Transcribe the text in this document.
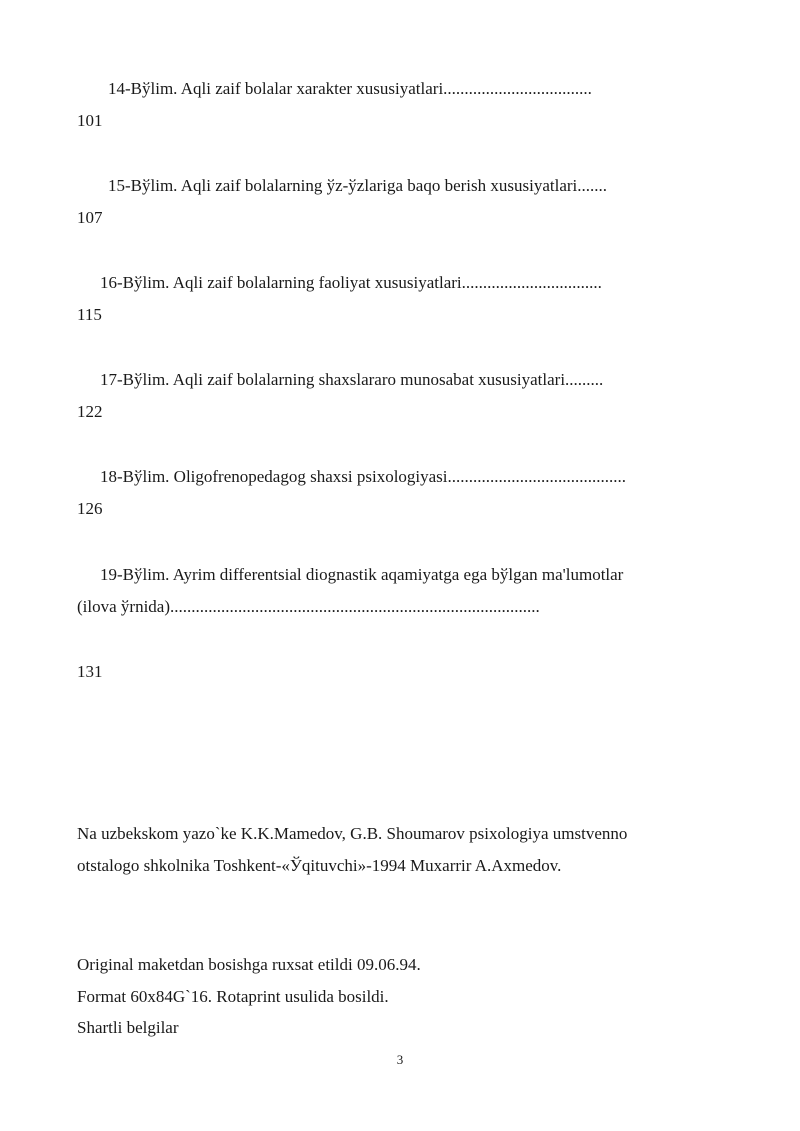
14-Bўlim. Aqli zaif bolalar xarakter xususiyatlari...................................
101
15-Bўlim. Aqli zaif bolalarning ўz-ўzlariga baqo berish xususiyatlari.......
107
16-Bўlim. Aqli zaif bolalarning faoliyat xususiyatlari.................................
115
17-Bўlim. Aqli zaif bolalarning shaxslararo munosabat xususiyatlari.........
122
18-Bўlim. Oligofrenopedagog shaxsi psixologiyasi..........................................
126
19-Bўlim. Ayrim differentsial diognastik aqamiyatga ega bўlgan ma'lumotlar
(ilova ўrnida).......................................................................................
131
Na uzbekskom yazo`ke K.K.Mamedov, G.B. Shoumarov psixologiya umstvenno
otstalogo shkolnika Toshkent-«Ўqituvchi»-1994 Muxarrir A.Axmedov.
Original maketdan bosishga ruxsat etildi 09.06.94.
Format 60x84G`16. Rotaprint usulida bosildi.
Shartli belgilar
3
